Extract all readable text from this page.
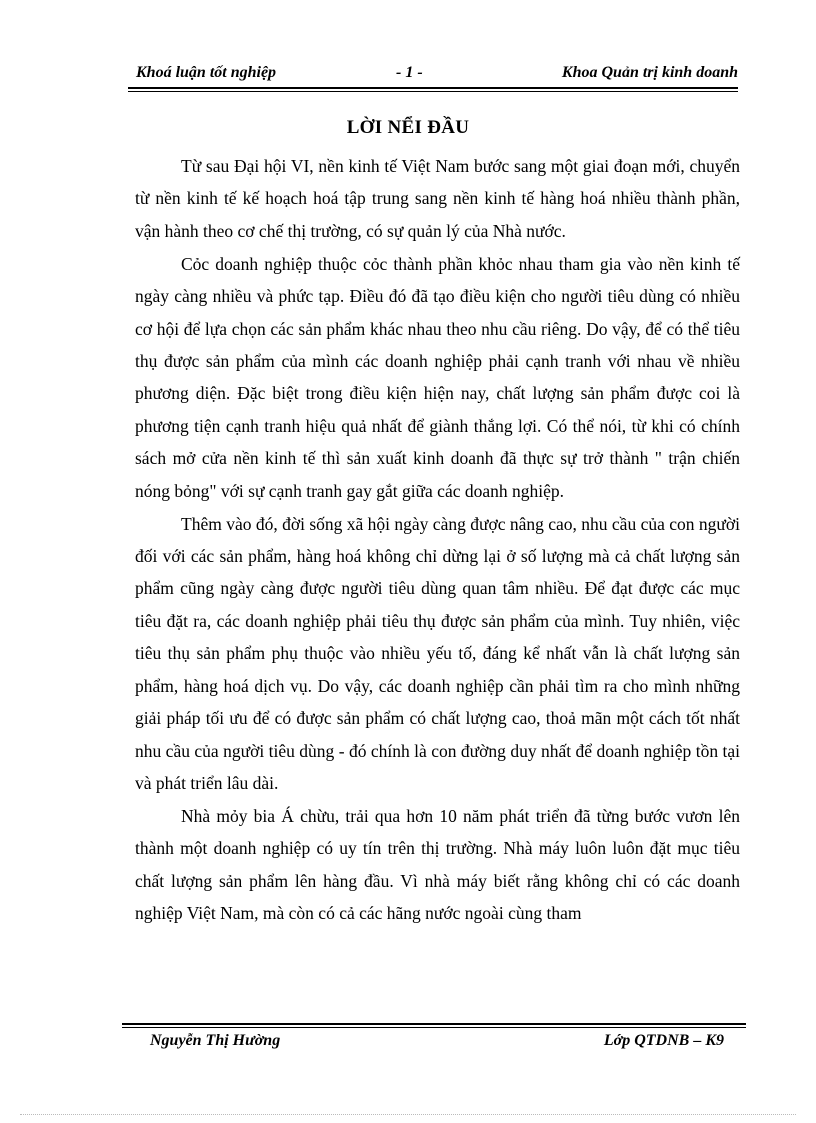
Khoá luận tốt nghiệp	- 1 -	Khoa Quản trị kinh doanh
LỜI NỂI ĐẦU

Từ sau Đại hội VI, nền kinh tế Việt Nam bước sang một giai đoạn mới, chuyển từ nền kinh tế kế hoạch hoá tập trung sang nền kinh tế hàng hoá nhiều thành phần, vận hành theo cơ chế thị trường, có sự quản lý của Nhà nước.

Cỏc doanh nghiệp thuộc cỏc thành phần khỏc nhau tham gia vào nền kinh tế ngày càng nhiều và phức tạp. Điều đó đã tạo điều kiện cho người tiêu dùng có nhiều cơ hội để lựa chọn các sản phẩm khác nhau theo nhu cầu riêng. Do vậy, để có thể tiêu thụ được sản phẩm của mình các doanh nghiệp phải cạnh tranh với nhau về nhiều phương diện. Đặc biệt trong điều kiện hiện nay, chất lượng sản phẩm được coi là phương tiện cạnh tranh hiệu quả nhất để giành thắng lợi. Có thể nói, từ khi có chính sách mở cửa nền kinh tế thì sản xuất kinh doanh đã thực sự trở thành " trận chiến nóng bỏng" với sự cạnh tranh gay gắt giữa các doanh nghiệp.

Thêm vào đó, đời sống xã hội ngày càng được nâng cao, nhu cầu của con người đối với các sản phẩm, hàng hoá không chỉ dừng lại ở số lượng mà cả chất lượng sản phẩm cũng ngày càng được người tiêu dùng quan tâm nhiều. Để đạt được các mục tiêu đặt ra, các doanh nghiệp phải tiêu thụ được sản phẩm của mình. Tuy nhiên, việc tiêu thụ sản phẩm phụ thuộc vào nhiều yếu tố, đáng kể nhất vẫn là chất lượng sản phẩm, hàng hoá dịch vụ. Do vậy, các doanh nghiệp cần phải tìm ra cho mình những giải pháp tối ưu để có được sản phẩm có chất lượng cao, thoả mãn một cách tốt nhất nhu cầu của người tiêu dùng - đó chính là con đường duy nhất để doanh nghiệp tồn tại và phát triển lâu dài.

Nhà mỏy bia Á chừu, trải qua hơn 10 năm phát triển đã từng bước vươn lên thành một doanh nghiệp có uy tín trên thị trường. Nhà máy luôn luôn đặt mục tiêu chất lượng sản phẩm lên hàng đầu. Vì nhà máy biết rằng không chỉ có các doanh nghiệp Việt Nam, mà còn có cả các hãng nước ngoài cùng tham

Nguyễn Thị Hường	Lớp QTDNB – K9
